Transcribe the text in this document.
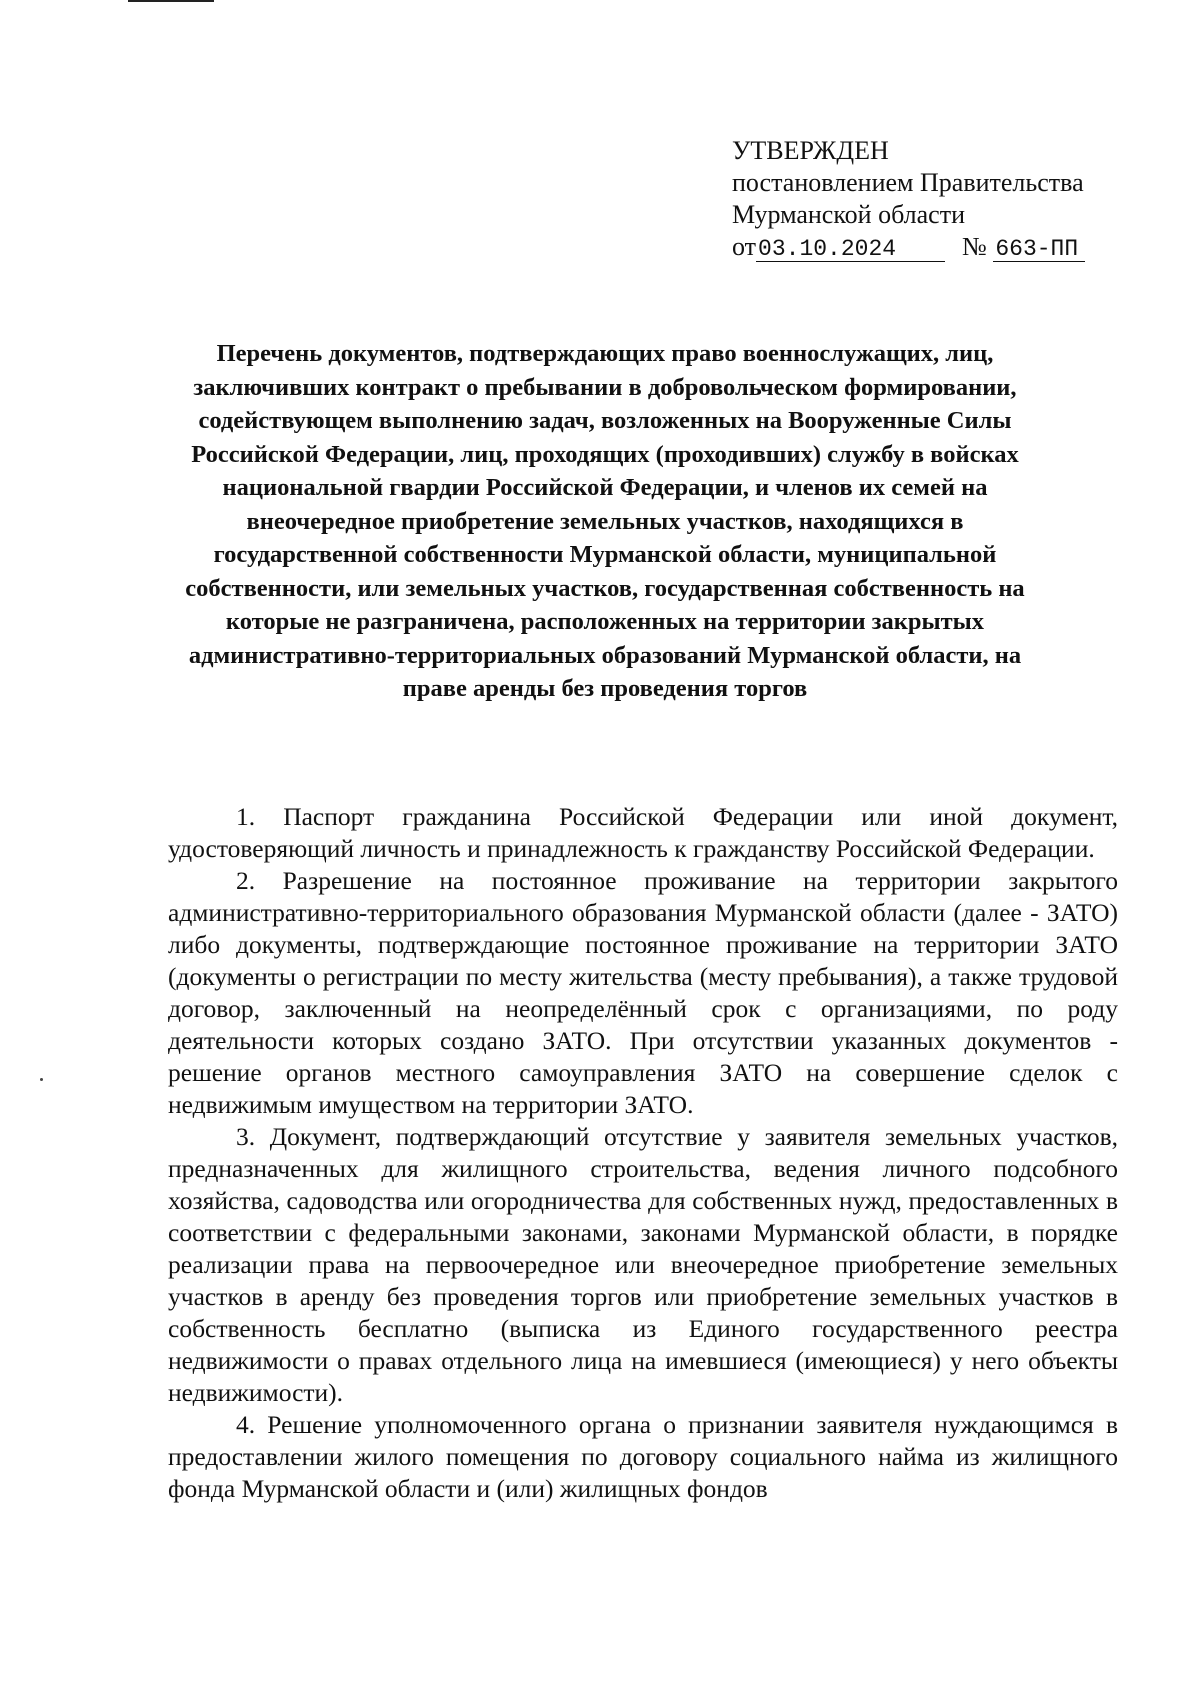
УТВЕРЖДЕН
постановлением Правительства
Мурманской области
от03.10.2024	№ 663-ПП
Перечень документов, подтверждающих право военнослужащих, лиц, заключивших контракт о пребывании в добровольческом формировании, содействующем выполнению задач, возложенных на Вооруженные Силы Российской Федерации, лиц, проходящих (проходивших) службу в войсках национальной гвардии Российской Федерации, и членов их семей на внеочередное приобретение земельных участков, находящихся в государственной собственности Мурманской области, муниципальной собственности, или земельных участков, государственная собственность на которые не разграничена, расположенных на территории закрытых административно-территориальных образований Мурманской области, на праве аренды без проведения торгов

1. Паспорт гражданина Российской Федерации или иной документ, удостоверяющий личность и принадлежность к гражданству Российской Федерации.

2. Разрешение на постоянное проживание на территории закрытого административно-территориального образования Мурманской области (далее - ЗАТО) либо документы, подтверждающие постоянное проживание на территории ЗАТО (документы о регистрации по месту жительства (месту пребывания), а также трудовой договор, заключенный на неопределённый срок с организациями, по роду деятельности которых создано ЗАТО. При отсутствии указанных документов - решение органов местного самоуправления ЗАТО на совершение сделок с недвижимым имуществом на территории ЗАТО.

3. Документ, подтверждающий отсутствие у заявителя земельных участков, предназначенных для жилищного строительства, ведения личного подсобного хозяйства, садоводства или огородничества для собственных нужд, предоставленных в соответствии с федеральными законами, законами Мурманской области, в порядке реализации права на первоочередное или внеочередное приобретение земельных участков в аренду без проведения торгов или приобретение земельных участков в собственность бесплатно (выписка из Единого государственного реестра недвижимости о правах отдельного лица на имевшиеся (имеющиеся) у него объекты недвижимости).

4. Решение уполномоченного органа о признании заявителя нуждающимся в предоставлении жилого помещения по договору социального найма из жилищного фонда Мурманской области и (или) жилищных фондов
